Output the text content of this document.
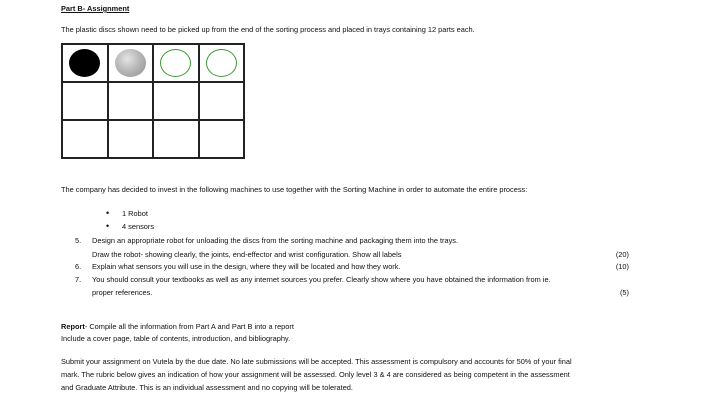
Part B- Assignment
The plastic discs shown need to be picked up from the end of the sorting process and placed in trays containing 12 parts each.
The company has decided to invest in the following machines to use together with the Sorting Machine in order to automate the entire process:
• 1 Robot
• 4 sensors
5. Design an appropriate robot for unloading the discs from the sorting machine and packaging them into the trays.
Draw the robot- showing clearly, the joints, end-effector and wrist configuration. Show all labels	(20)
6. Explain what sensors you will use in the design, where they will be located and how they work.	(10)
7. You should consult your textbooks as well as any internet sources you prefer. Clearly show where you have obtained the information from ie.
proper references.	(5)
Report- Compile all the information from Part A and Part B into a report
Include a cover page, table of contents, introduction, and bibliography.
Submit your assignment on Vutela by the due date. No late submissions will be accepted. This assessment is compulsory and accounts for 50% of your final
mark. The rubric below gives an indication of how your assignment will be assessed. Only level 3 & 4 are considered as being competent in the assessment
and Graduate Attribute. This is an individual assessment and no copying will be tolerated.
